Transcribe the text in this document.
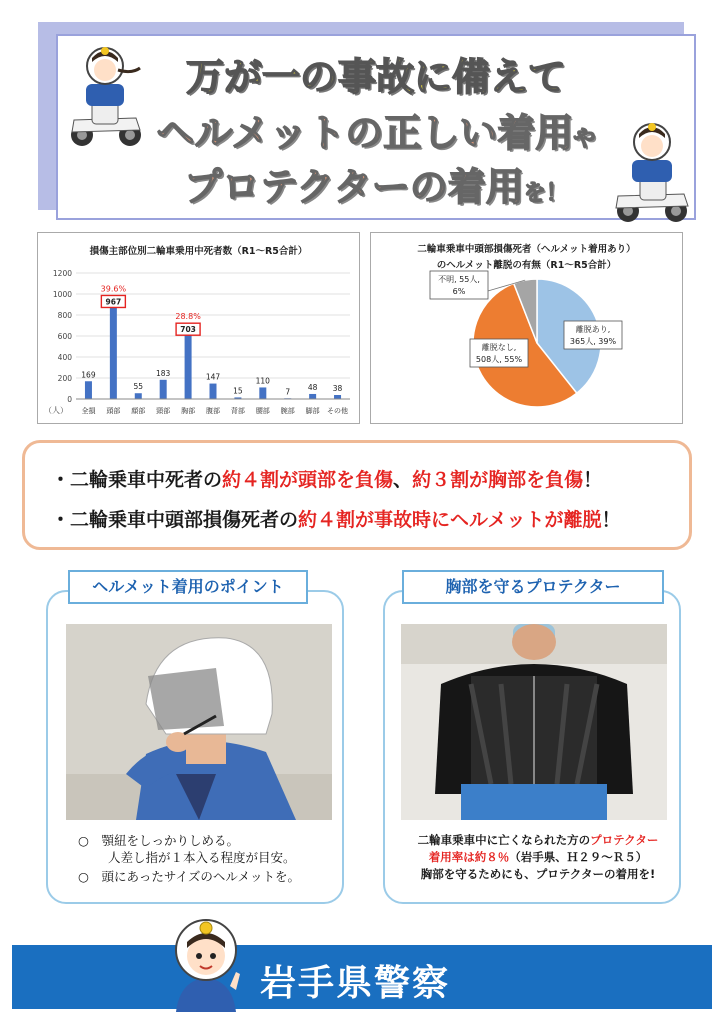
万が一の事故に備えて
ヘルメットの正しい着用や
プロテクターの着用を！
損傷主部位別二輪車乗用中死者数（R1～R5合計）
0
200
400
600
800
1000
1200
（人）
169
全損
967
39.6%
頭部
55
顔部
183
頸部
703
28.8%
胸部
147
腹部
15
背部
110
腰部
7
腕部
48
脚部
38
その他
二輪車乗車中頭部損傷死者（ヘルメット着用あり）
のヘルメット離脱の有無（R1～R5合計）
離脱あり,
365人, 39%
離脱なし,
508人, 55%
不明, 55人,
6%
・二輪乗車中死者の約４割が頭部を負傷、約３割が胸部を負傷！
・二輪乗車中頭部損傷死者の約４割が事故時にヘルメットが離脱！
ヘルメット着用のポイント
○　 顎紐をしっかりしめる。
人差し指が１本入る程度が目安。
○　 頭にあったサイズのヘルメットを。
胸部を守るプロテクター
二輪車乗車中に亡くなられた方のプロテクター
着用率は約８％（岩手県、Ｈ２９～Ｒ５）
胸部を守るためにも、プロテクターの着用を!
岩手県警察
